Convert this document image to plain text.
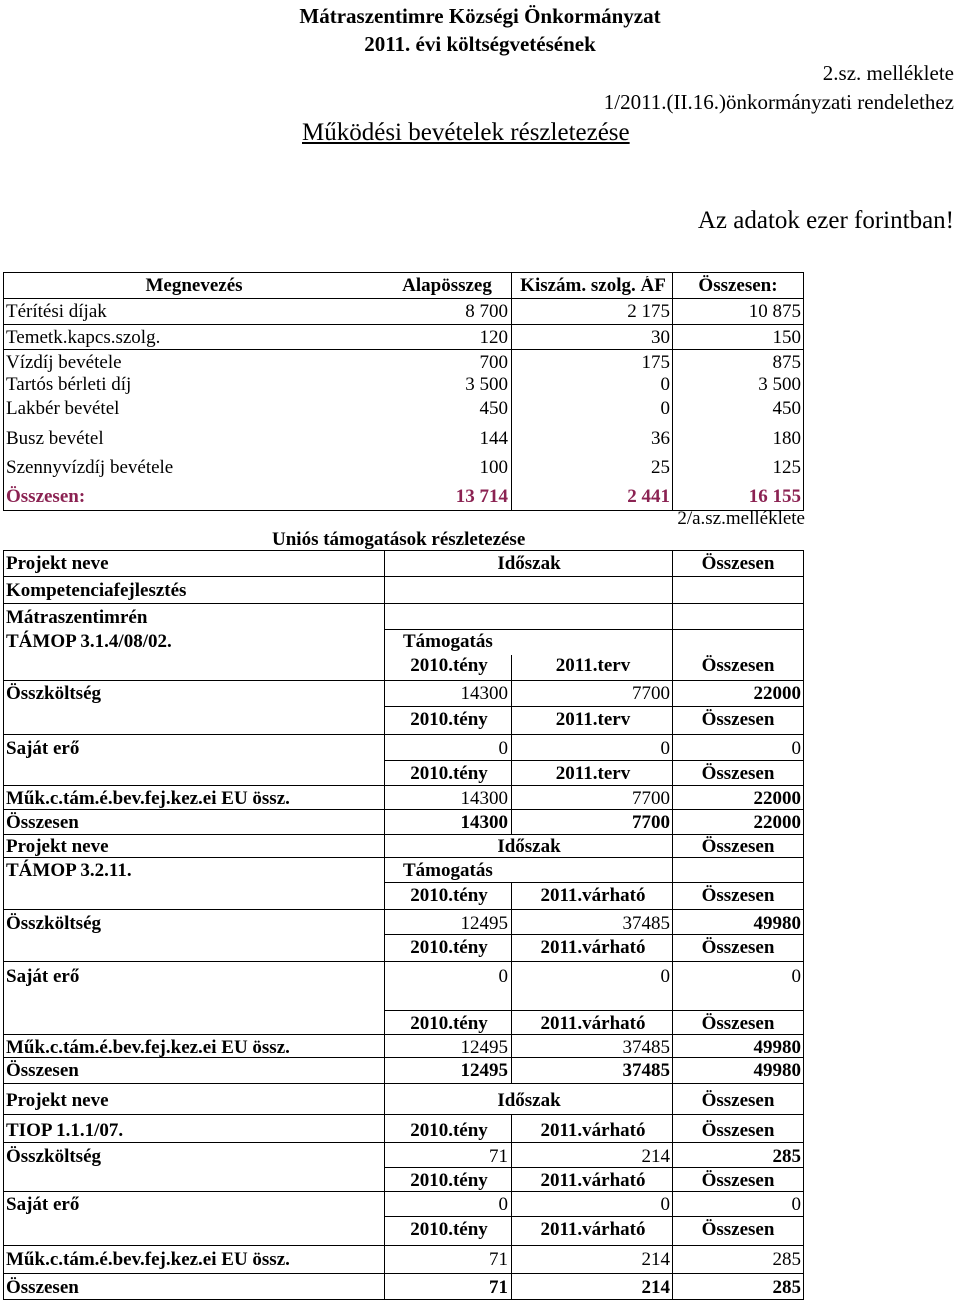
Mátraszentimre Községi Önkormányzat
2011. évi költségvetésének
2.sz. melléklete
1/2011.(II.16.)önkormányzati rendelethez
Működési bevételek részletezése
Az adatok ezer forintban!
Megnevezés	Alapösszeg	Kiszám. szolg. ÁF	Összesen:
Térítési díjak	8 700	2 175	10 875
Temetk.kapcs.szolg.	120	30	150
Vízdíj bevétele	700	175	875
Tartós bérleti díj	3 500	0	3 500
Lakbér bevétel	450	0	450
Busz bevétel	144	36	180
Szennyvízdíj bevétele	100	25	125
Összesen:	13 714	2 441	16 155
2/a.sz.melléklete
Uniós támogatások részletezése
Projekt neve	Időszak	Összesen
Kompetenciafejlesztés
Mátraszentimrén
TÁMOP 3.1.4/08/02.	Támogatás
2010.tény	2011.terv	Összesen
Összköltség	14300	7700	22000
2010.tény	2011.terv	Összesen
Saját erő	0	0	0
2010.tény	2011.terv	Összesen
Műk.c.tám.é.bev.fej.kez.ei EU össz.	14300	7700	22000
Összesen	14300	7700	22000
Projekt neve	Időszak	Összesen
TÁMOP 3.2.11.	Támogatás
2010.tény	2011.várható	Összesen
Összköltség	12495	37485	49980
2010.tény	2011.várható	Összesen
Saját erő	0	0	0
2010.tény	2011.várható	Összesen
Műk.c.tám.é.bev.fej.kez.ei EU össz.	12495	37485	49980
Összesen	12495	37485	49980
Projekt neve	Időszak	Összesen
TIOP 1.1.1/07.	2010.tény	2011.várható	Összesen
Összköltség	71	214	285
2010.tény	2011.várható	Összesen
Saját erő	0	0	0
2010.tény	2011.várható	Összesen
Műk.c.tám.é.bev.fej.kez.ei EU össz.	71	214	285
Összesen	71	214	285
